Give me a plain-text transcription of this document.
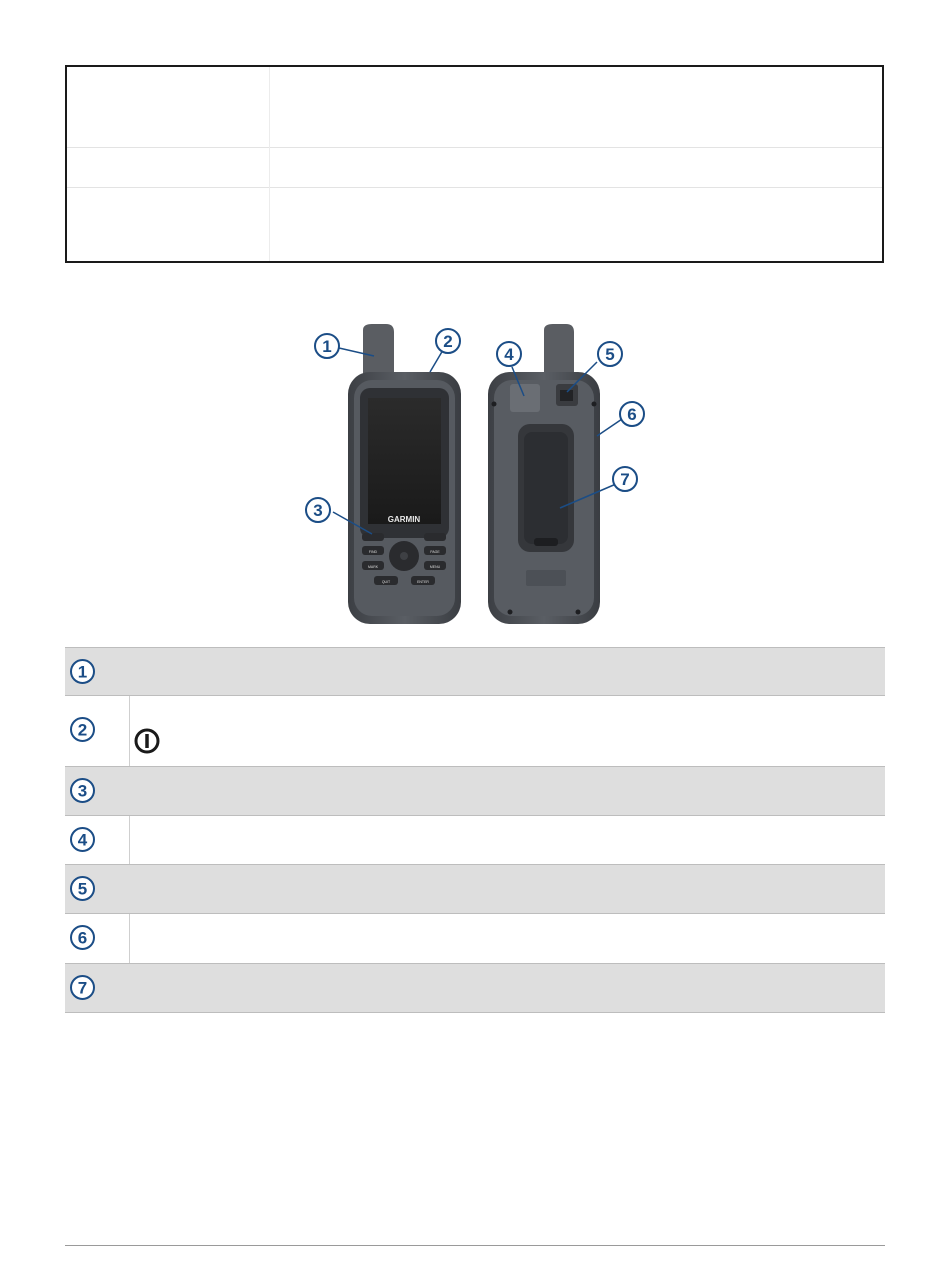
GARMIN
FIND
MARK
PAGE
MENU
QUIT	ENTER
1	2
3
4	5
6
7
1
2
3
4
5
6
7
